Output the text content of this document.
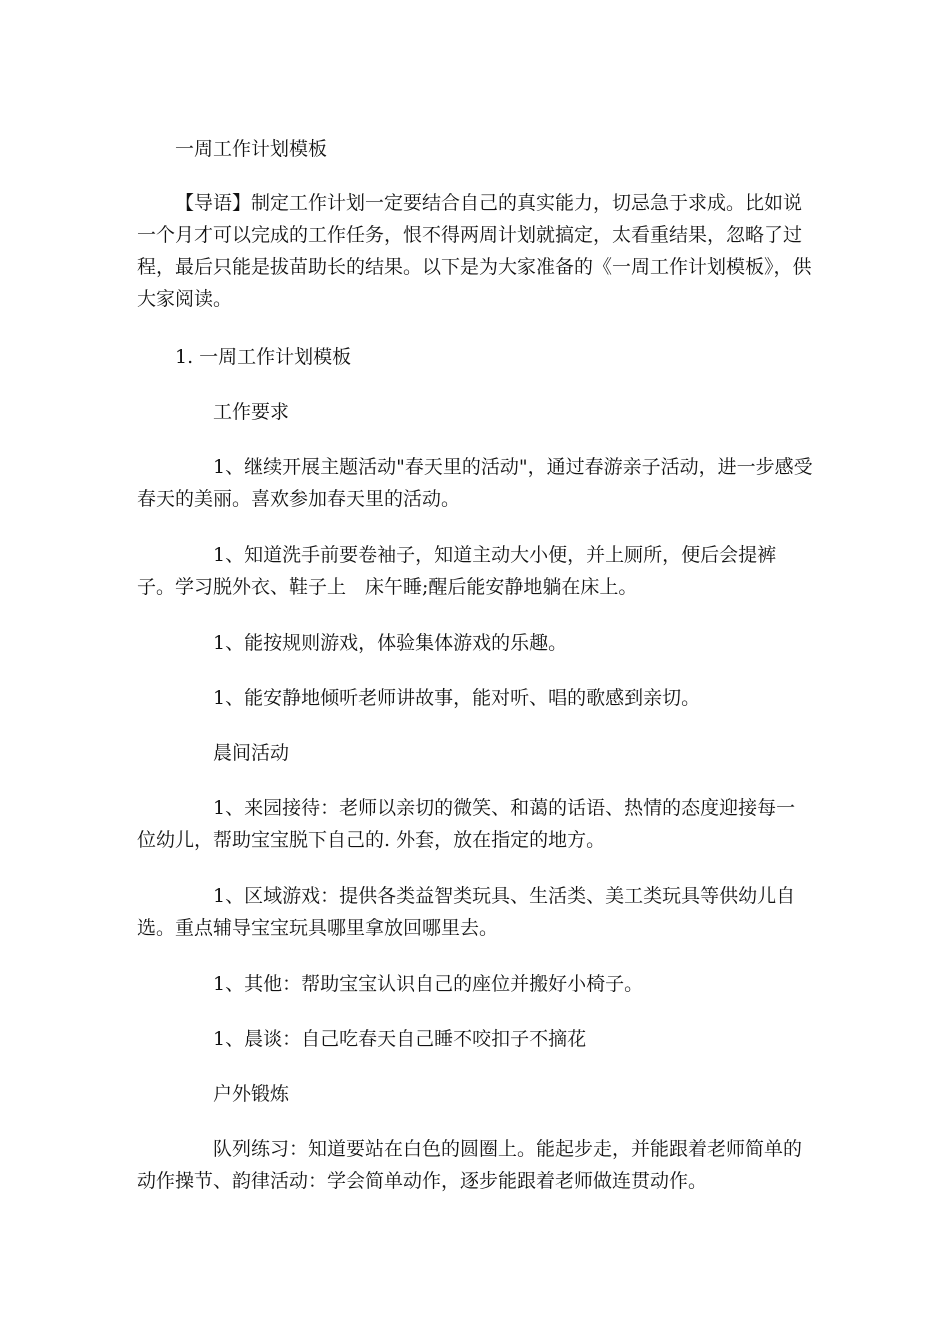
一周工作计划模板

【导语】制定工作计划一定要结合自己的真实能力，切忌急于求成。比如说一个月才可以完成的工作任务，恨不得两周计划就搞定，太看重结果，忽略了过程，最后只能是拔苗助长的结果。以下是为大家准备的《一周工作计划模板》，供大家阅读。

1. 一周工作计划模板

工作要求

1、继续开展主题活动"春天里的活动"，通过春游亲子活动，进一步感受春天的美丽。喜欢参加春天里的活动。

1、知道洗手前要卷袖子，知道主动大小便，并上厕所，便后会提裤子。学习脱外衣、鞋子上　床午睡;醒后能安静地躺在床上。

1、能按规则游戏，体验集体游戏的乐趣。

1、能安静地倾听老师讲故事，能对听、唱的歌感到亲切。

晨间活动

1、来园接待：老师以亲切的微笑、和蔼的话语、热情的态度迎接每一位幼儿，帮助宝宝脱下自己的. 外套，放在指定的地方。

1、区域游戏：提供各类益智类玩具、生活类、美工类玩具等供幼儿自选。重点辅导宝宝玩具哪里拿放回哪里去。

1、其他：帮助宝宝认识自己的座位并搬好小椅子。

1、晨谈：自己吃春天自己睡不咬扣子不摘花

户外锻炼

队列练习：知道要站在白色的圆圈上。能起步走，并能跟着老师简单的动作操节、韵律活动：学会简单动作，逐步能跟着老师做连贯动作。
